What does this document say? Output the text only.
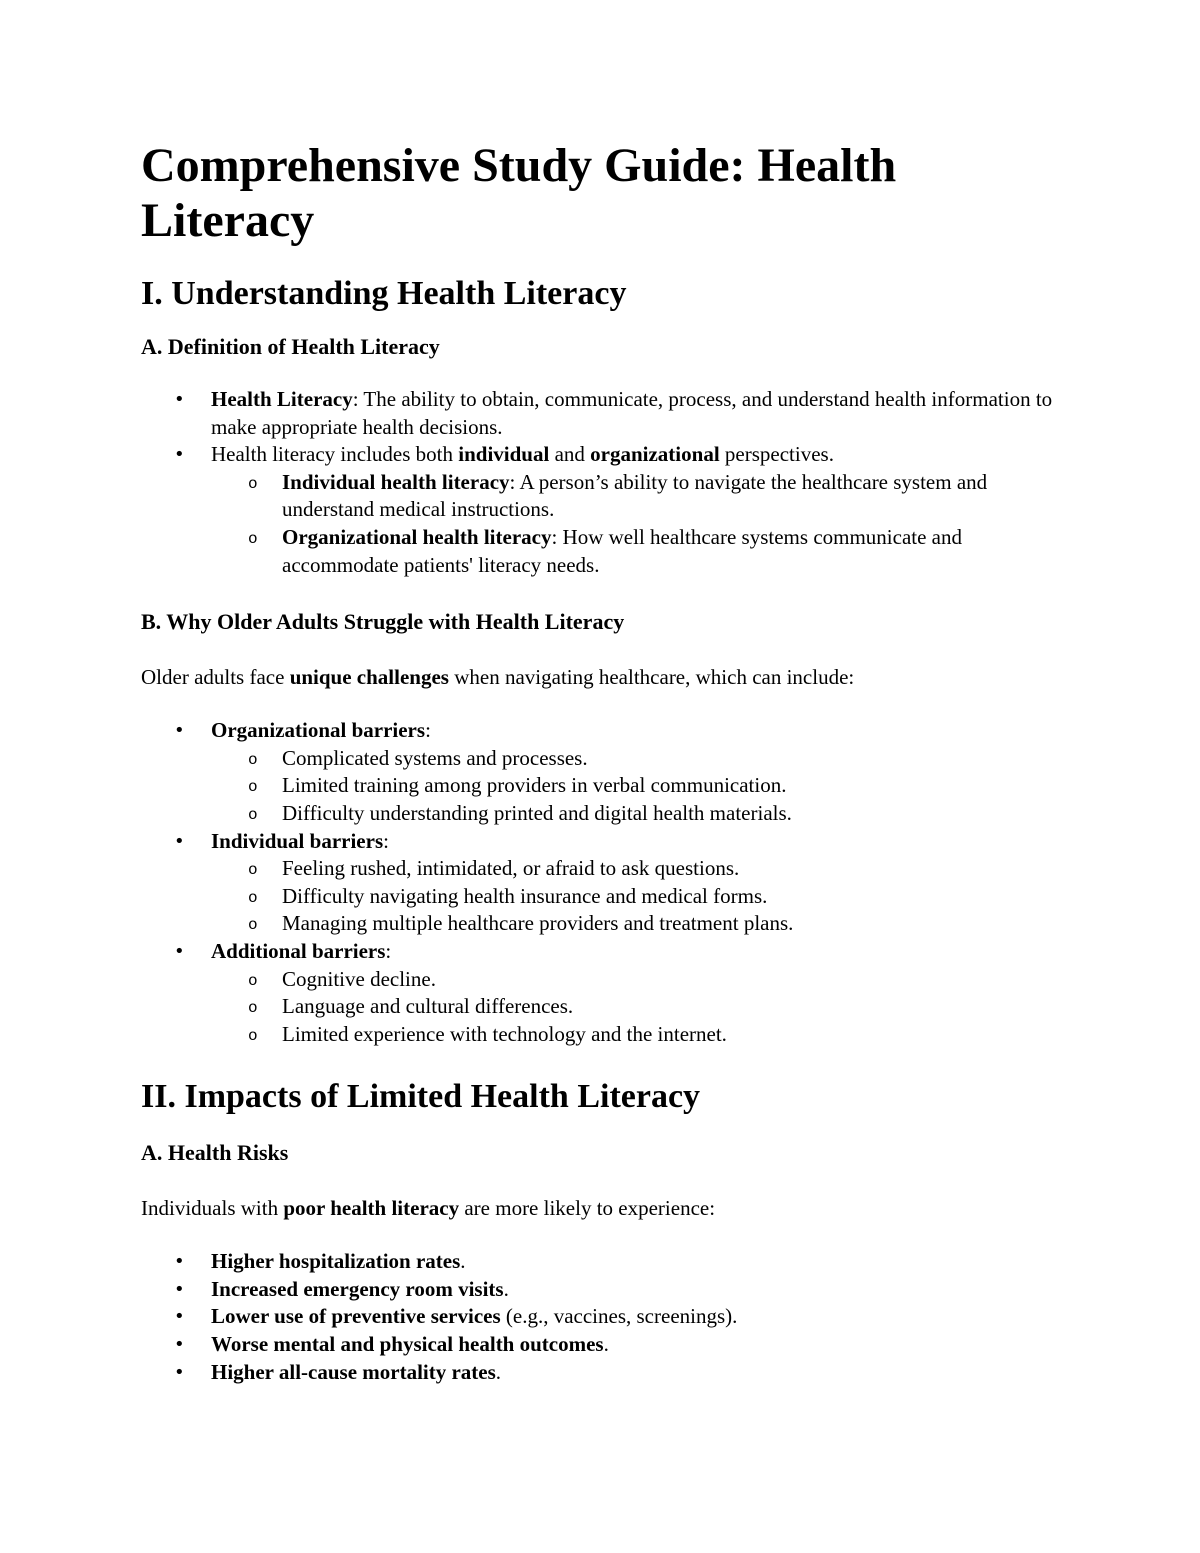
Comprehensive Study Guide: Health Literacy
I. Understanding Health Literacy
A. Definition of Health Literacy
• Health Literacy: The ability to obtain, communicate, process, and understand health information to make appropriate health decisions.
• Health literacy includes both individual and organizational perspectives.
o Individual health literacy: A person’s ability to navigate the healthcare system and understand medical instructions.
o Organizational health literacy: How well healthcare systems communicate and accommodate patients' literacy needs.
B. Why Older Adults Struggle with Health Literacy

Older adults face unique challenges when navigating healthcare, which can include:

• Organizational barriers:
o Complicated systems and processes.
o Limited training among providers in verbal communication.
o Difficulty understanding printed and digital health materials.
• Individual barriers:
o Feeling rushed, intimidated, or afraid to ask questions.
o Difficulty navigating health insurance and medical forms.
o Managing multiple healthcare providers and treatment plans.
• Additional barriers:
o Cognitive decline.
o Language and cultural differences.
o Limited experience with technology and the internet.
II. Impacts of Limited Health Literacy
A. Health Risks

Individuals with poor health literacy are more likely to experience:

• Higher hospitalization rates.
• Increased emergency room visits.
• Lower use of preventive services (e.g., vaccines, screenings).
• Worse mental and physical health outcomes.
• Higher all-cause mortality rates.
